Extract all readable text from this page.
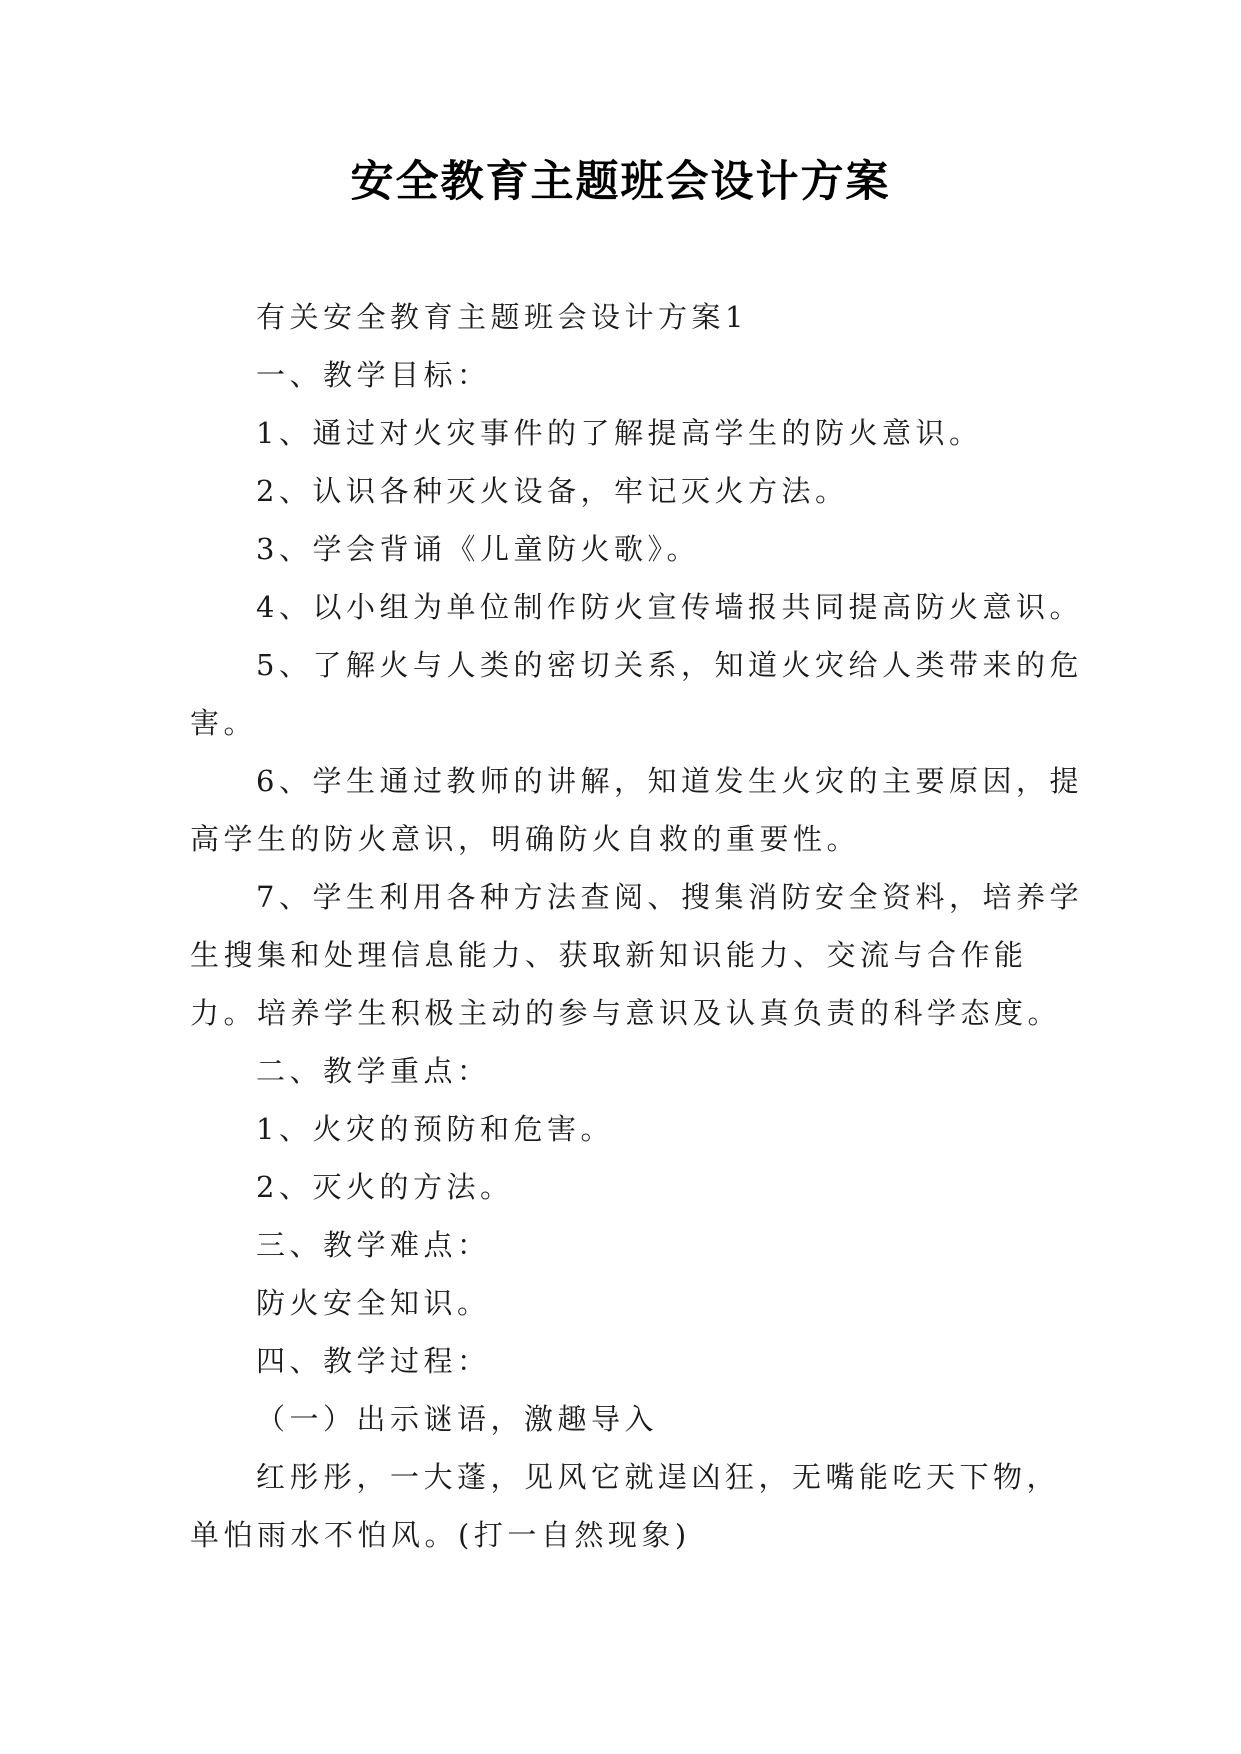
安全教育主题班会设计方案

有关安全教育主题班会设计方案1

一、教学目标：

1、通过对火灾事件的了解提高学生的防火意识。

2、认识各种灭火设备，牢记灭火方法。

3、学会背诵《儿童防火歌》。

4、以小组为单位制作防火宣传墙报共同提高防火意识。

5、了解火与人类的密切关系，知道火灾给人类带来的危害。

6、学生通过教师的讲解，知道发生火灾的主要原因，提高学生的防火意识，明确防火自救的重要性。

7、学生利用各种方法查阅、搜集消防安全资料，培养学生搜集和处理信息能力、获取新知识能力、交流与合作能力。培养学生积极主动的参与意识及认真负责的科学态度。

二、教学重点：

1、火灾的预防和危害。

2、灭火的方法。

三、教学难点：

防火安全知识。

四、教学过程：

（一）出示谜语，激趣导入

红彤彤，一大蓬，见风它就逞凶狂，无嘴能吃天下物，单怕雨水不怕风。(打一自然现象)
